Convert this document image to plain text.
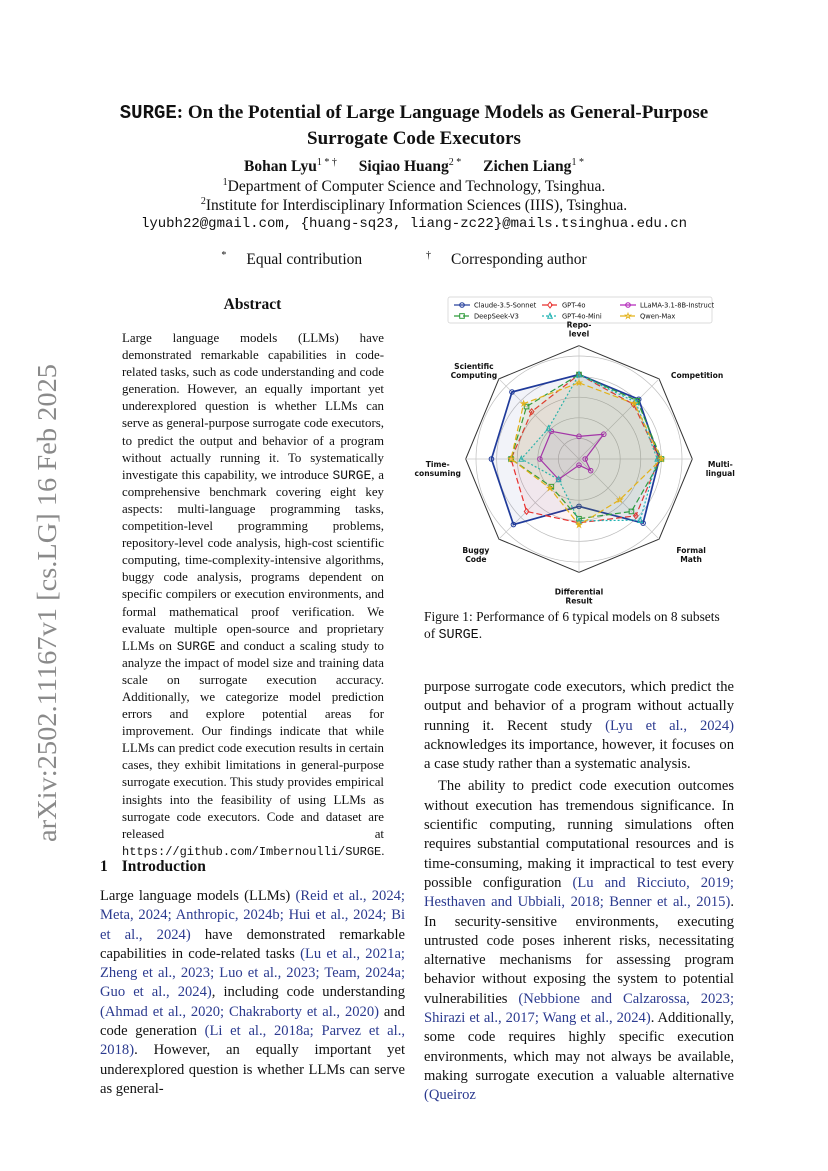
arXiv:2502.11167v1 [cs.LG] 16 Feb 2025
SURGE: On the Potential of Large Language Models as General-Purpose
Surrogate Code Executors
Bohan Lyu$^{1 * \dagger}$ Siqiao Huang$^{2 *}$ Zichen Liang$^{1 *}$
$^1$Department of Computer Science and Technology, Tsinghua.
$^2$Institute for Interdisciplinary Information Sciences (IIIS), Tsinghua.
lyubh22@gmail.com, {huang-sq23, liang-zc22}@mails.tsinghua.edu.cn
* Equal contribution	† Corresponding author
Abstract
Large language models (LLMs) have demonstrated remarkable capabilities in code-related tasks, such as code understanding and code generation. However, an equally important yet underexplored question is whether LLMs can serve as general-purpose surrogate code executors, to predict the output and behavior of a program without actually running it. To systematically investigate this capability, we introduce SURGE, a comprehensive benchmark covering eight key aspects: multi-language programming tasks, competition-level programming problems, repository-level code analysis, high-cost scientific computing, time-complexity-intensive algorithms, buggy code analysis, programs dependent on specific compilers or execution environments, and formal mathematical proof verification. We evaluate multiple open-source and proprietary LLMs on SURGE and conduct a scaling study to analyze the impact of model size and training data scale on surrogate execution accuracy. Additionally, we categorize model prediction errors and explore potential areas for improvement. Our findings indicate that while LLMs can predict code execution results in certain cases, they exhibit limitations in general-purpose surrogate execution. This study provides empirical insights into the feasibility of using LLMs as surrogate code executors. Code and dataset are released at https://github.com/Imbernoulli/SURGE.
1 Introduction

Large language models (LLMs) (Reid et al., 2024; Meta, 2024; Anthropic, 2024b; Hui et al., 2024; Bi et al., 2024) have demonstrated remarkable capabilities in code-related tasks (Lu et al., 2021a; Zheng et al., 2023; Luo et al., 2023; Team, 2024a; Guo et al., 2024), including code understanding (Ahmad et al., 2020; Chakraborty et al., 2020) and code generation (Li et al., 2018a; Parvez et al., 2018). However, an equally important yet underexplored question is whether LLMs can serve as general-

Claude-3.5-Sonnet	GPT-4o	LLaMA-3.1-8B-Instruct
DeepSeek-V3	GPT-4o-Mini	Qwen-Max
Repo-level
Competition
Multi-lingual
Formal Math
Differential Result
Buggy Code
Time-consuming
Scientific Computing
Figure 1: Performance of 6 typical models on 8 subsets of SURGE.

purpose surrogate code executors, which predict the output and behavior of a program without actually running it. Recent study (Lyu et al., 2024) acknowledges its importance, however, it focuses on a case study rather than a systematic analysis.

The ability to predict code execution outcomes without execution has tremendous significance. In scientific computing, running simulations often requires substantial computational resources and is time-consuming, making it impractical to test every possible configuration (Lu and Ricciuto, 2019; Hesthaven and Ubbiali, 2018; Benner et al., 2015). In security-sensitive environments, executing untrusted code poses inherent risks, necessitating alternative mechanisms for assessing program behavior without exposing the system to potential vulnerabilities (Nebbione and Calzarossa, 2023; Shirazi et al., 2017; Wang et al., 2024). Additionally, some code requires highly specific execution environments, which may not always be available, making surrogate execution a valuable alternative (Queiroz
